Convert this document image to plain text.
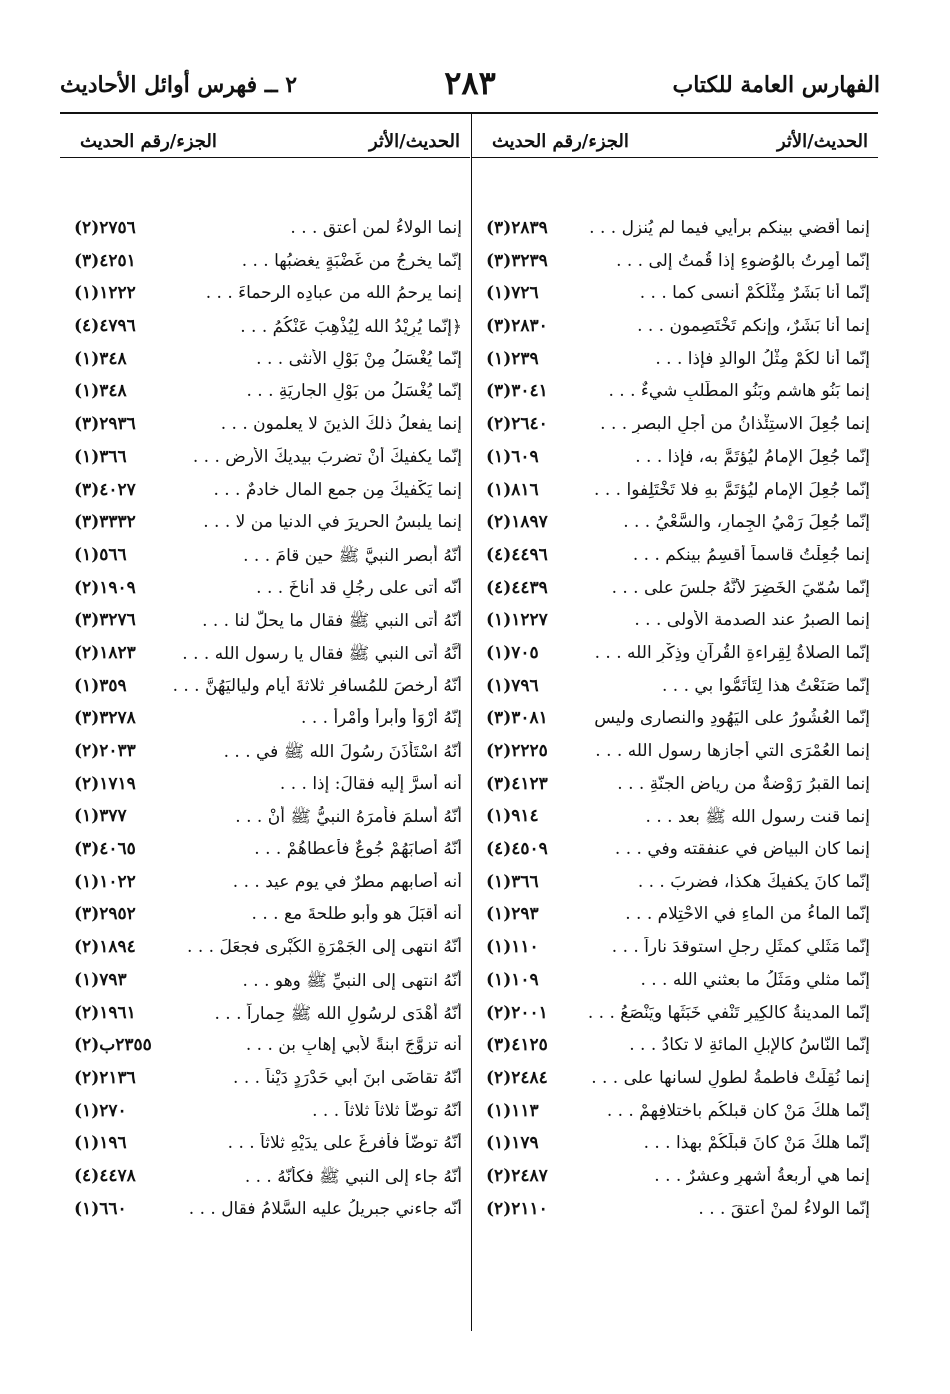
الفهارس العامة للكتاب
٢٨٣
٢ ــ فهرس أوائل الأحاديث
الحديث/الأثر
الجزء/رقم الحديث
إنما أَقضي بينكم برأيي فيما لم يُنزل . . .
(٣)٢٨٣٩
إنّما أُمِرتُ بالوُضوءِ إذا قُمتُ إلى . . .
(٣)٣٢٣٩
إنّما أنا بَشَرٌ مِثْلُكُمْ أنسى كما . . .
(١)٧٢٦
إنما أنا بَشَرٌ، وإنكم تَخْتَصِمون . . .
(٣)٢٨٣٠
إنّما أنا لكُمْ مِثْلُ الوالدِ فإذا . . .
(١)٢٣٩
إنما بَنُو هاشم وبَنُو المطَّلبِ شيءٌ . . .
(٣)٣٠٤١
إنما جُعِلَ الاستِئْذانُ من أجلِ البصرِ . . .
(٢)٢٦٤٠
إنّما جُعِلَ الإمامُ ليُؤتَمَّ به، فإذا . . .
(١)٦٠٩
إنّما جُعِلَ الإمام ليُؤتَمَّ بهِ فلا تَخْتَلِفوا . . .
(١)٨١٦
إنّما جُعِلَ رَمْيُ الجِمارِ، والسَّعْيُ . . .
(٢)١٨٩٧
إنما جُعِلْتُ قاسماً أقسِمُ بينكم . . .
(٤)٤٤٩٦
إنّما سُمّيَ الخَضِرَ لأنَّهُ جلسَ على . . .
(٤)٤٤٣٩
إنما الصبرُ عند الصدمة الأولى . . .
(١)١٢٢٧
إنّما الصلاةُ لِقِراءةِ القُرآنِ وذِكْرِ الله . . .
(١)٧٠٥
إنّما صَنَعْتُ هذا لِتَأْتَمُّوا بي . . .
(١)٧٩٦
إنّما العُشُورُ على اليَهُودِ والنصارى وليس
(٣)٣٠٨١
إنما العُمْرَى التي أجازها رسول الله . . .
(٢)٢٢٢٥
إنما القبرُ رَوْضةٌ من رياضِ الجنّةِ . . .
(٣)٤١٢٣
إنما قنت رسول الله ﷺ بعد . . .
(١)٩١٤
إنما كان البياض في عنفقته وفي . . .
(٤)٤٥٠٩
إنّما كانَ يكفيكَ هكذا، فضربَ . . .
(١)٣٦٦
إنّما الماءُ من الماءِ في الاحْتِلامِ . . .
(١)٢٩٣
إنّما مَثَلي كمثَلِ رجلٍ استوقدَ ناراً . . .
(١)١١٠
إنّما مثلي ومَثَلُ ما بعثني الله . . .
(١)١٠٩
إنّما المدينةُ كالكِيرِ تَنْفي خَبَثَها ويَنْصَعُ . . .
(٢)٢٠٠١
إنّما النّاسُ كالإبلِ المائةِ لا تكادُ . . .
(٣)٤١٢٥
إنما نُقِلَتْ فاطمةُ لطولِ لسانها على . . .
(٢)٢٤٨٤
إنّما هلكَ مَنْ كان قبلكُم باختلافِهِمْ . . .
(١)١١٣
إنّما هلكَ مَنْ كانَ قبلَكُمْ بهذا . . .
(١)١٧٩
إنما هي أربعةُ أشهرٍ وعشرٌ . . .
(٢)٢٤٨٧
إنّما الولاءُ لمنْ أعتقَ . . .
(٢)٢١١٠
الحديث/الأثر
الجزء/رقم الحديث
إنما الولاءُ لمن أعتق . . .
(٢)٢٧٥٦
إنّما يخرجُ من غَضْبَةٍ يغضبُها . . .
(٣)٤٢٥١
إنما يرحمُ الله من عبادِه الرحماءَ . . .
(١)١٢٢٢
﴿إنّما يُرِيْدُ الله لِيُذْهِبَ عَنْكُمُ . . .
(٤)٤٧٩٦
إنّما يُغْسَلُ مِنْ بَوْلِ الأُنثى . . .
(١)٣٤٨
إنّما يُغْسَلُ من بَوْلِ الجاريَةِ . . .
(١)٣٤٨
إنما يفعلُ ذلكَ الذينَ لا يعلمون . . .
(٣)٢٩٣٦
إنّما يكفيكَ أنْ تضربَ بيديكَ الأرضِ . . .
(١)٣٦٦
إنما يَكْفيكَ مِن جمعِ المال خادمٌ . . .
(٣)٤٠٢٧
إنما يلبسُ الحريرَ في الدنيا من لا . . .
(٣)٣٣٣٢
أنّهُ أبصر النبيَّ ﷺ حين قامَ . . .
(١)٥٦٦
أنّه أتى على رجُلٍ قد أناخَ . . .
(٢)١٩٠٩
أنّهُ أتى النبي ﷺ فقال ما يحلُّ لنا . . .
(٣)٣٢٧٦
أنَّهُ أتى النبي ﷺ فقال يا رسول الله . . .
(٢)١٨٢٣
أنّهُ أرخصَ للمُسافرِ ثلاثةَ أيامٍ ولياليَهُنَّ . . .
(١)٣٥٩
إنّهُ أَرْوَأُ وأبرأُ وأَمْرأُ . . .
(٣)٣٢٧٨
أنّهُ اسْتَأْذَنَ رسُولَ الله ﷺ في . . .
(٢)٢٠٣٣
أنه أسرَّ إليه فقالَ: إذا . . .
(٢)١٧١٩
أنّهُ أسلمَ فأمرَهُ النبيُّ ﷺ أنْ . . .
(١)٣٧٧
أنّهُ أصابَهُمْ جُوعٌ فأعطاهُمْ . . .
(٣)٤٠٦٥
أنه أصابهم مطرٌ في يوم عيد . . .
(١)١٠٢٢
أنه أَقبَلَ هو وأبو طلحةَ مع . . .
(٣)٢٩٥٢
أنّهُ انتهى إلى الجَمْرَةِ الكُبْرى فجعَلَ . . .
(٢)١٨٩٤
أنّهُ انتهى إلى النبيِّ ﷺ وهو . . .
(١)٧٩٣
أنّهُ أهْدَى لرسُولِ الله ﷺ حِماراً . . .
(٢)١٩٦١
أنه تزوَّجَ ابنةً لأبي إهابِ بن . . .
(٢)٢٣٥٥ب
أنّهُ تقاضَى ابنَ أبي حَدْرَدٍ دَيْناً . . .
(٢)٢١٣٦
أنّهُ توضّأ ثلاثاً ثلاثاً . . .
(١)٢٧٠
أنّهُ توضّأَ فأفرغَ على يدَيْهِ ثلاثاً . . .
(١)١٩٦
أنّهُ جاء إلى النبي ﷺ فكأنّهُ . . .
(٤)٤٤٧٨
أنّه جاءني جبريلُ عليه السَّلامُ فقال . . .
(١)٦٦٠
